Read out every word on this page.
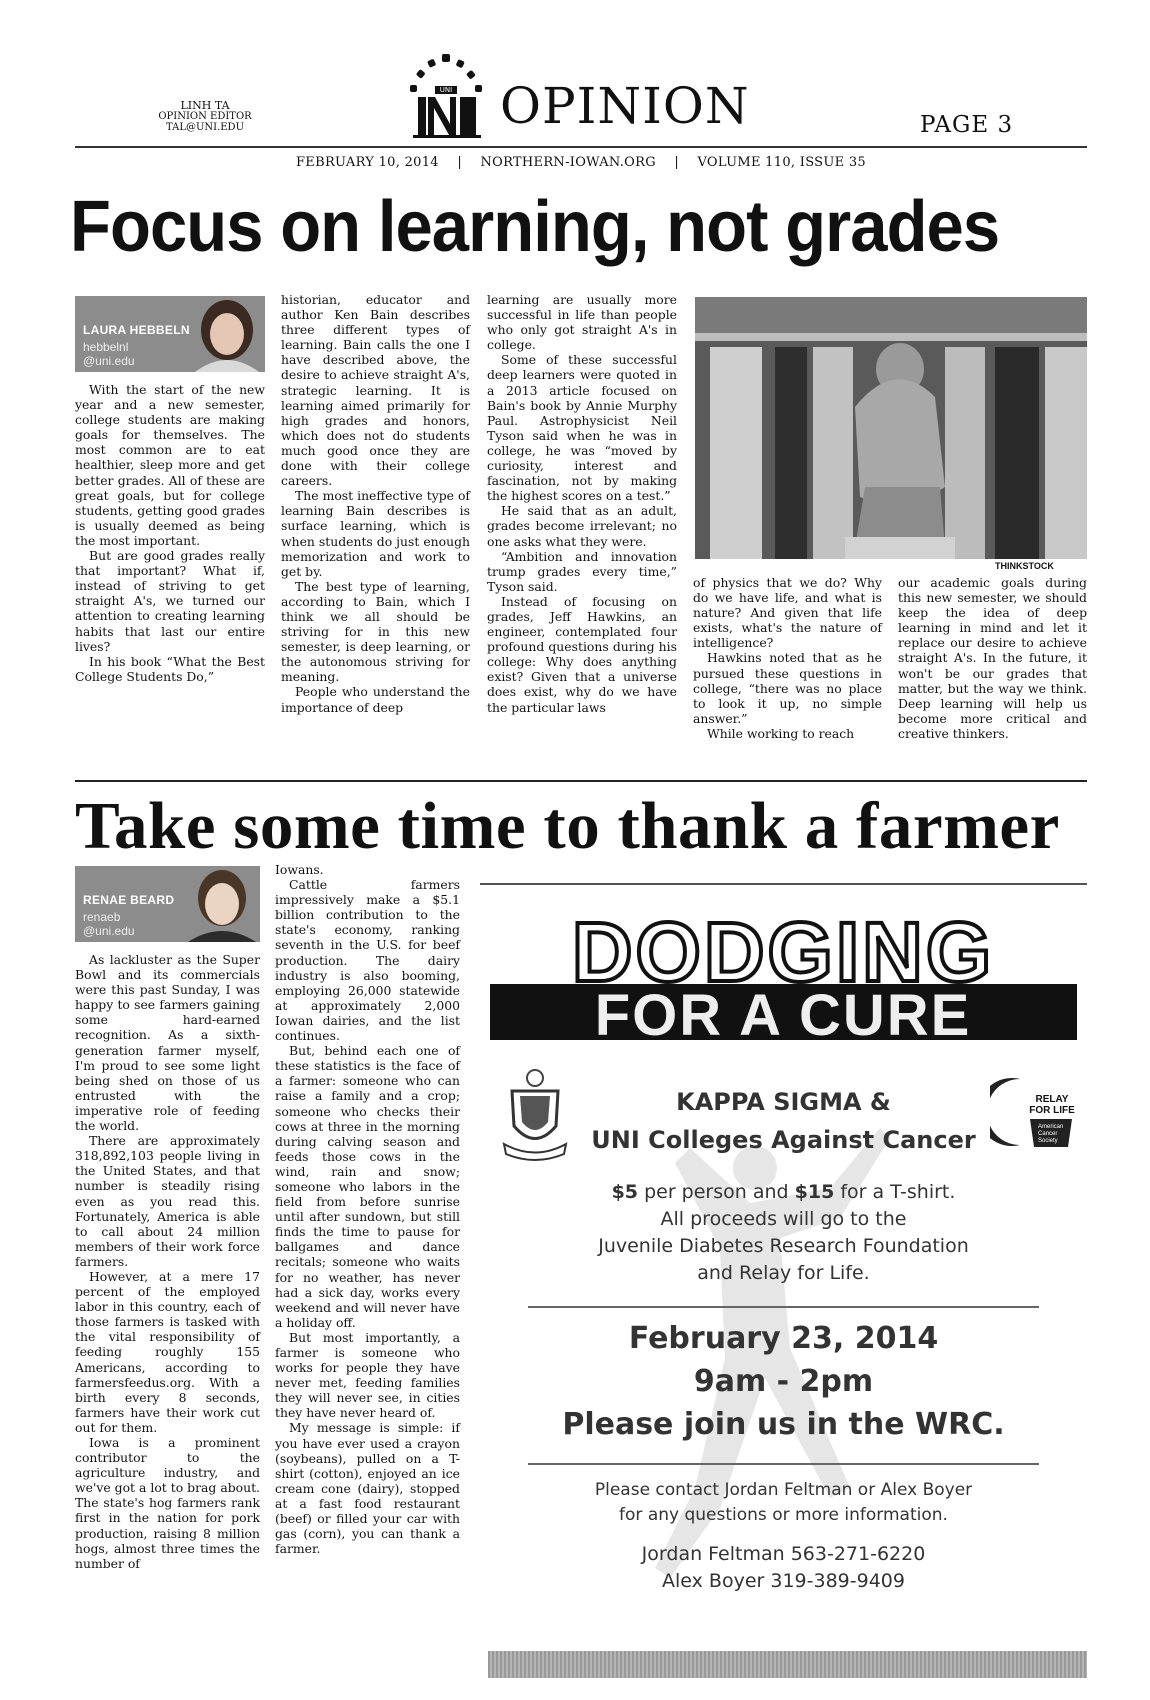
LINH TA
OPINION EDITOR
TAL@UNI.EDU
UNI OPINION	PAGE 3
FEBRUARY 10, 2014 | NORTHERN-IOWAN.ORG | VOLUME 110, ISSUE 35
Focus on learning, not grades
LAURA HEBBELN
hebbelnl
@uni.edu

With the start of the new year and a new semester, college students are making goals for themselves. The most common are to eat healthier, sleep more and get better grades. All of these are great goals, but for college students, getting good grades is usually deemed as being the most important.

But are good grades really that important? What if, instead of striving to get straight A's, we turned our attention to creating learning habits that last our entire lives?

In his book “What the Best College Students Do,”

historian, educator and author Ken Bain describes three different types of learning. Bain calls the one I have described above, the desire to achieve straight A's, strategic learning. It is learning aimed primarily for high grades and honors, which does not do students much good once they are done with their college careers.

The most ineffective type of learning Bain describes is surface learning, which is when students do just enough memorization and work to get by.

The best type of learning, according to Bain, which I think we all should be striving for in this new semester, is deep learning, or the autonomous striving for meaning.

People who understand the importance of deep

learning are usually more successful in life than people who only got straight A's in college.

Some of these successful deep learners were quoted in a 2013 article focused on Bain's book by Annie Murphy Paul. Astrophysicist Neil Tyson said when he was in college, he was “moved by curiosity, interest and fascination, not by making the highest scores on a test.”

He said that as an adult, grades become irrelevant; no one asks what they were.

“Ambition and innovation trump grades every time,” Tyson said.

Instead of focusing on grades, Jeff Hawkins, an engineer, contemplated four profound questions during his college: Why does anything exist? Given that a universe does exist, why do we have the particular laws

THINKSTOCK

of physics that we do? Why do we have life, and what is nature? And given that life exists, what's the nature of intelligence?

Hawkins noted that as he pursued these questions in college, “there was no place to look it up, no simple answer.”

While working to reach

our academic goals during this new semester, we should keep the idea of deep learning in mind and let it replace our desire to achieve straight A's. In the future, it won't be our grades that matter, but the way we think. Deep learning will help us become more critical and creative thinkers.

Take some time to thank a farmer
RENAE BEARD
renaeb
@uni.edu

As lackluster as the Super Bowl and its commercials were this past Sunday, I was happy to see farmers gaining some hard-earned recognition. As a sixth-generation farmer myself, I'm proud to see some light being shed on those of us entrusted with the imperative role of feeding the world.

There are approximately 318,892,103 people living in the United States, and that number is steadily rising even as you read this. Fortunately, America is able to call about 24 million members of their work force farmers.

However, at a mere 17 percent of the employed labor in this country, each of those farmers is tasked with the vital responsibility of feeding roughly 155 Americans, according to farmersfeedus.org. With a birth every 8 seconds, farmers have their work cut out for them.

Iowa is a prominent contributor to the agriculture industry, and we've got a lot to brag about. The state's hog farmers rank first in the nation for pork production, raising 8 million hogs, almost three times the number of

Iowans.

Cattle farmers impressively make a $5.1 billion contribution to the state's economy, ranking seventh in the U.S. for beef production. The dairy industry is also booming, employing 26,000 statewide at approximately 2,000 Iowan dairies, and the list continues.

But, behind each one of these statistics is the face of a farmer: someone who can raise a family and a crop; someone who checks their cows at three in the morning during calving season and feeds those cows in the wind, rain and snow; someone who labors in the field from before sunrise until after sundown, but still finds the time to pause for ballgames and dance recitals; someone who waits for no weather, has never had a sick day, works every weekend and will never have a holiday off.

But most importantly, a farmer is someone who works for people they have never met, feeding families they will never see, in cities they have never heard of.

My message is simple: if you have ever used a crayon (soybeans), pulled on a T-shirt (cotton), enjoyed an ice cream cone (dairy), stopped at a fast food restaurant (beef) or filled your car with gas (corn), you can thank a farmer.

DODGING
FOR A CURE
RELAY
FOR LIFE
American
Cancer
Society
KAPPA SIGMA &
UNI Colleges Against Cancer
$5 per person and $15 for a T-shirt.
All proceeds will go to the
Juvenile Diabetes Research Foundation
and Relay for Life.
February 23, 2014
9am - 2pm
Please join us in the WRC.
Please contact Jordan Feltman or Alex Boyer
for any questions or more information.
Jordan Feltman 563-271-6220
Alex Boyer 319-389-9409
